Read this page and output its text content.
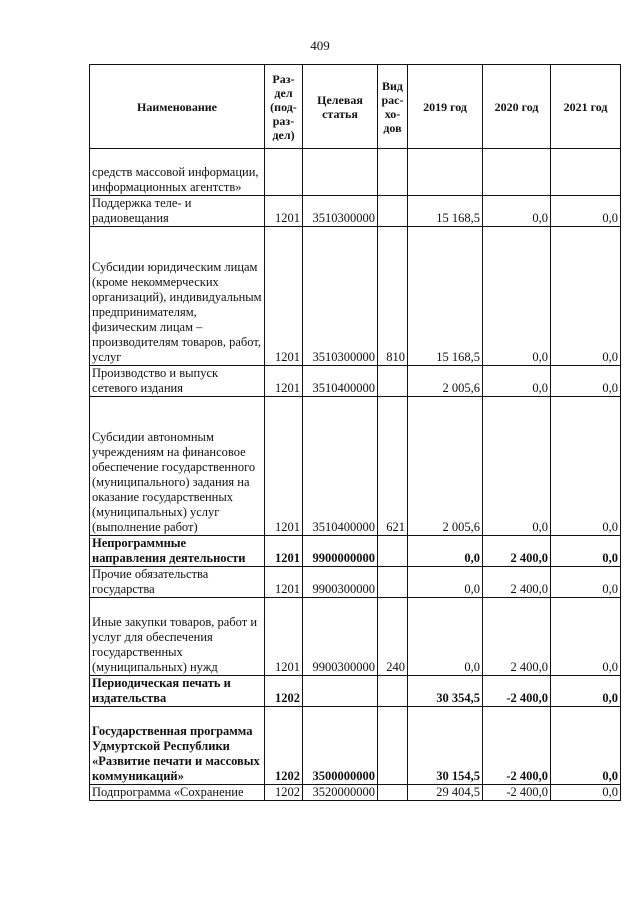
409
Наименование	Раз-
дел
(под-
раз-
дел)	Целевая
статья	Вид
рас-
хо-
дов	2019 год	2020 год	2021 год
средств массовой информации, информационных агентств»						
Поддержка теле- и радиовещания	1201	3510300000		15 168,5	0,0	0,0
Субсидии юридическим лицам (кроме некоммерческих организаций), индивидуальным предпринимателям, физическим лицам – производителям товаров, работ, услуг	1201	3510300000	810	15 168,5	0,0	0,0
Производство и выпуск сетевого издания	1201	3510400000		2 005,6	0,0	0,0
Субсидии автономным учреждениям на финансовое обеспечение государственного (муниципального) задания на оказание государственных (муниципальных) услуг (выполнение работ)	1201	3510400000	621	2 005,6	0,0	0,0
Непрограммные направления деятельности	1201	9900000000		0,0	2 400,0	0,0
Прочие обязательства государства	1201	9900300000		0,0	2 400,0	0,0
Иные закупки товаров, работ и услуг для обеспечения государственных (муниципальных) нужд	1201	9900300000	240	0,0	2 400,0	0,0
Периодическая печать и издательства	1202			30 354,5	-2 400,0	0,0
Государственная программа Удмуртской Республики «Развитие печати и массовых коммуникаций»	1202	3500000000		30 154,5	-2 400,0	0,0
Подпрограмма «Сохранение	1202	3520000000		29 404,5	-2 400,0	0,0
